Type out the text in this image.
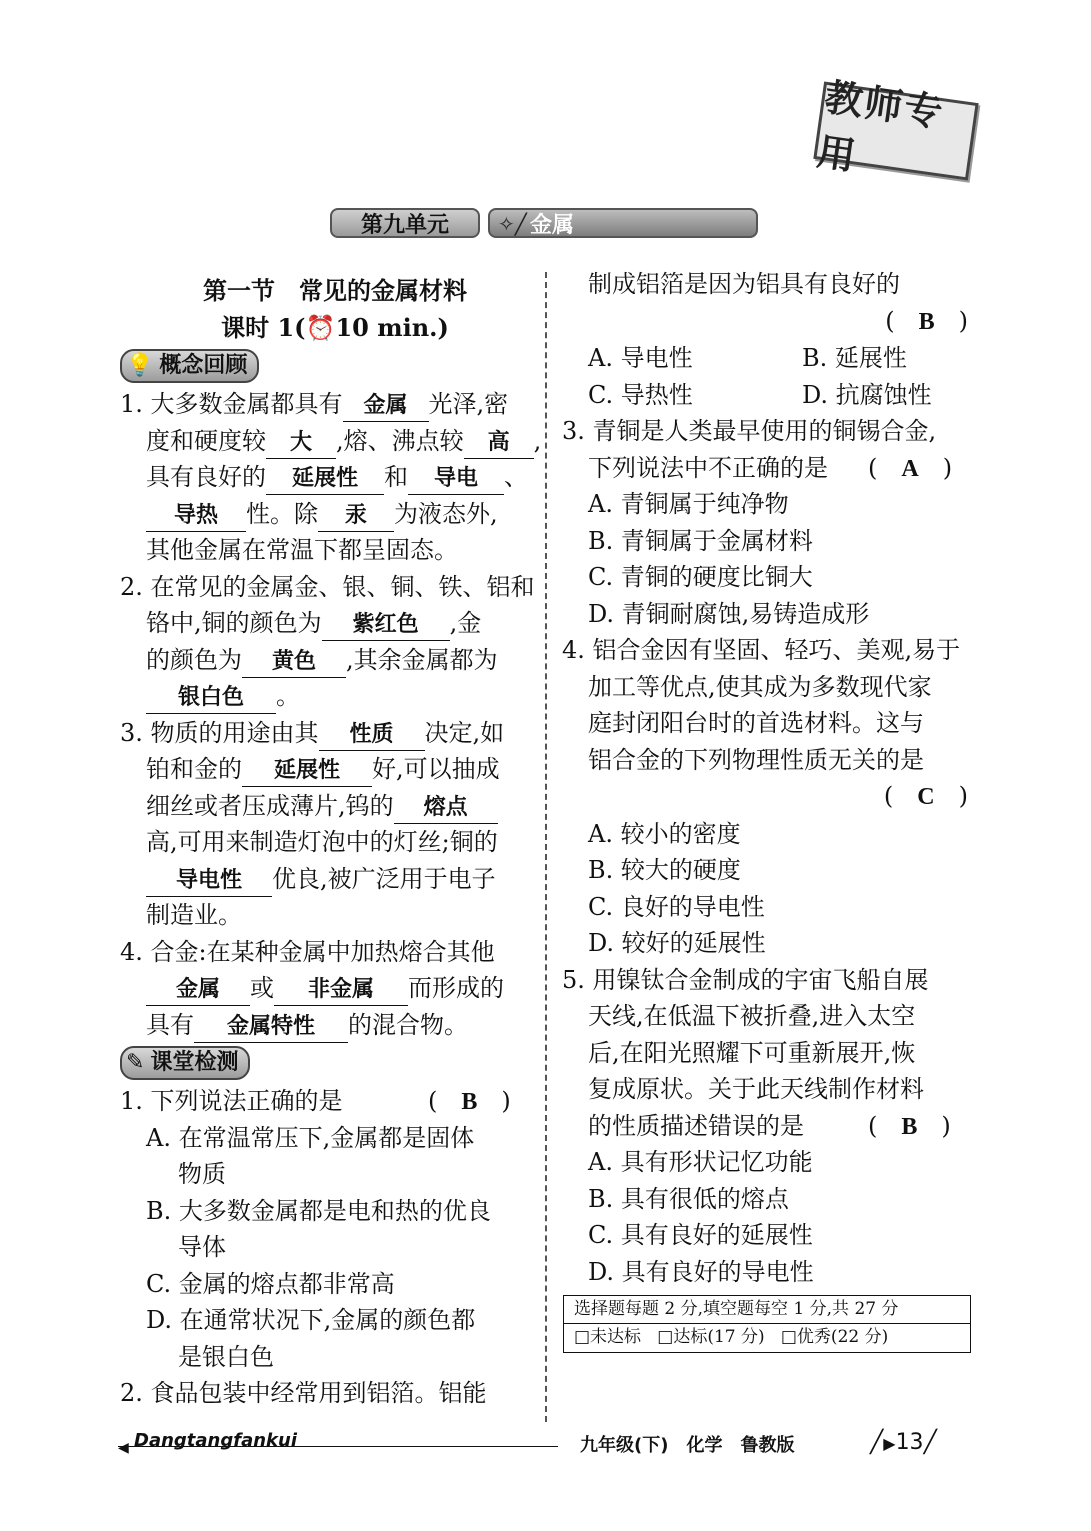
教师专用
第九单元	✧╱ 金属
第一节　常见的金属材料
课时 1(⏰10 min.)
💡 概念回顾
1. 大多数金属都具有 金属 光泽,密
度和硬度较 大 ,熔、沸点较 高 ,
具有良好的 延展性 和 导电 、
导热 性。除 汞 为液态外,
其他金属在常温下都呈固态。
2. 在常见的金属金、银、铜、铁、铝和
铬中,铜的颜色为 紫红色 ,金
的颜色为 黄色 ,其余金属都为
银白色 。
3. 物质的用途由其 性质 决定,如
铂和金的 延展性 好,可以抽成
细丝或者压成薄片,钨的 熔点
高,可用来制造灯泡中的灯丝;铜的
导电性 优良,被广泛用于电子
制造业。
4. 合金:在某种金属中加热熔合其他
金属 或 非金属 而形成的
具有 金属特性 的混合物。
✎ 课堂检测
1. 下列说法正确的是	(　B　)
A. 在常温常压下,金属都是固体
物质
B. 大多数金属都是电和热的优良
导体
C. 金属的熔点都非常高
D. 在通常状况下,金属的颜色都
是银白色
2. 食品包装中经常用到铝箔。铝能
制成铝箔是因为铝具有良好的
(　B　)
A. 导电性	B. 延展性
C. 导热性	D. 抗腐蚀性
3. 青铜是人类最早使用的铜锡合金,
下列说法中不正确的是 (　A　)
A. 青铜属于纯净物
B. 青铜属于金属材料
C. 青铜的硬度比铜大
D. 青铜耐腐蚀,易铸造成形
4. 铝合金因有坚固、轻巧、美观,易于
加工等优点,使其成为多数现代家
庭封闭阳台时的首选材料。这与
铝合金的下列物理性质无关的是
(　C　)
A. 较小的密度
B. 较大的硬度
C. 良好的导电性
D. 较好的延展性
5. 用镍钛合金制成的宇宙飞船自展
天线,在低温下被折叠,进入太空
后,在阳光照耀下可重新展开,恢
复成原状。关于此天线制作材料
的性质描述错误的是	(　B　)
A. 具有形状记忆功能
B. 具有很低的熔点
C. 具有良好的延展性
D. 具有良好的导电性
选择题每题 2 分,填空题每空 1 分,共 27 分
□未达标 □达标(17 分) □优秀(22 分)
◀ Dangtangfankui	九年级(下)　化学　鲁教版	╱▶13╱
